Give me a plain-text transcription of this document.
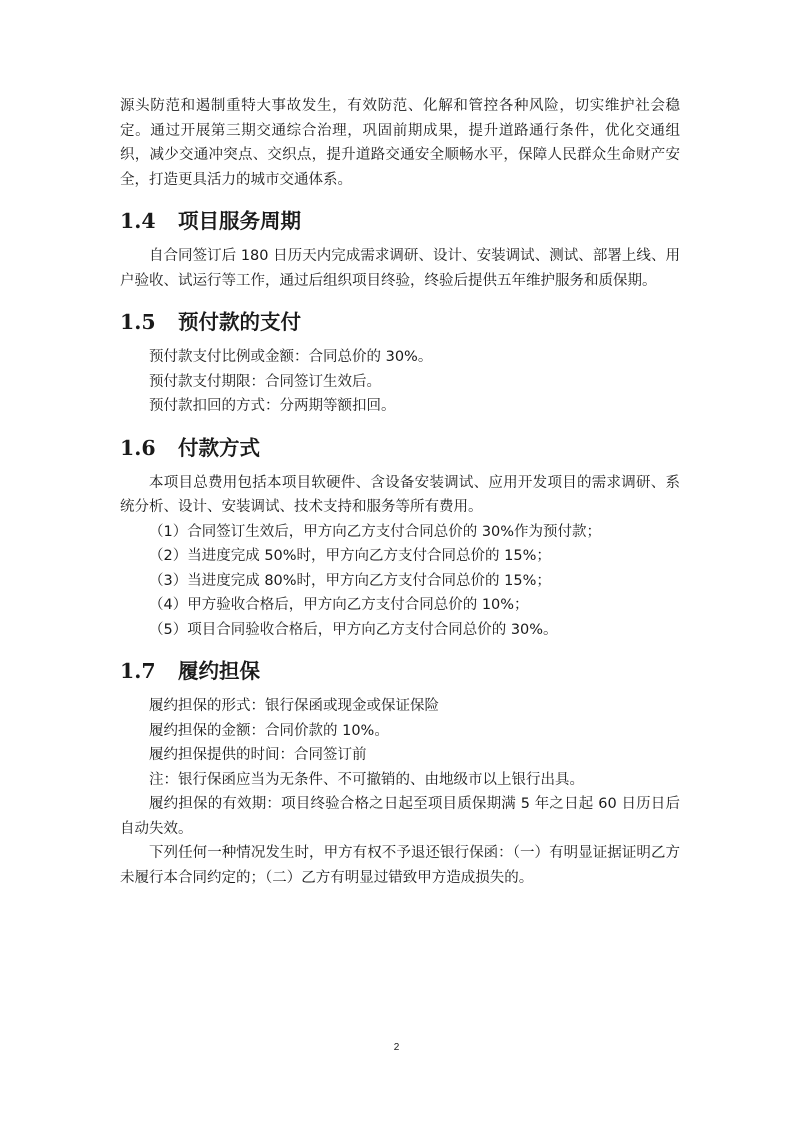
源头防范和遏制重特大事故发生，有效防范、化解和管控各种风险，切实维护社会稳定。通过开展第三期交通综合治理，巩固前期成果，提升道路通行条件，优化交通组织，减少交通冲突点、交织点，提升道路交通安全顺畅水平，保障人民群众生命财产安全，打造更具活力的城市交通体系。

1.4	项目服务周期

自合同签订后 180 日历天内完成需求调研、设计、安装调试、测试、部署上线、用户验收、试运行等工作，通过后组织项目终验，终验后提供五年维护服务和质保期。

1.5	预付款的支付

预付款支付比例或金额：合同总价的 30%。

预付款支付期限：合同签订生效后。

预付款扣回的方式：分两期等额扣回。

1.6	付款方式

本项目总费用包括本项目软硬件、含设备安装调试、应用开发项目的需求调研、系统分析、设计、安装调试、技术支持和服务等所有费用。

（1）合同签订生效后，甲方向乙方支付合同总价的 30%作为预付款；

（2）当进度完成 50%时，甲方向乙方支付合同总价的 15%；

（3）当进度完成 80%时，甲方向乙方支付合同总价的 15%；

（4）甲方验收合格后，甲方向乙方支付合同总价的 10%；

（5）项目合同验收合格后，甲方向乙方支付合同总价的 30%。

1.7	履约担保

履约担保的形式：银行保函或现金或保证保险

履约担保的金额：合同价款的 10%。

履约担保提供的时间：合同签订前

注：银行保函应当为无条件、不可撤销的、由地级市以上银行出具。

履约担保的有效期：项目终验合格之日起至项目质保期满 5 年之日起 60 日历日后自动失效。

下列任何一种情况发生时，甲方有权不予退还银行保函：（一）有明显证据证明乙方未履行本合同约定的；（二）乙方有明显过错致甲方造成损失的。

2
